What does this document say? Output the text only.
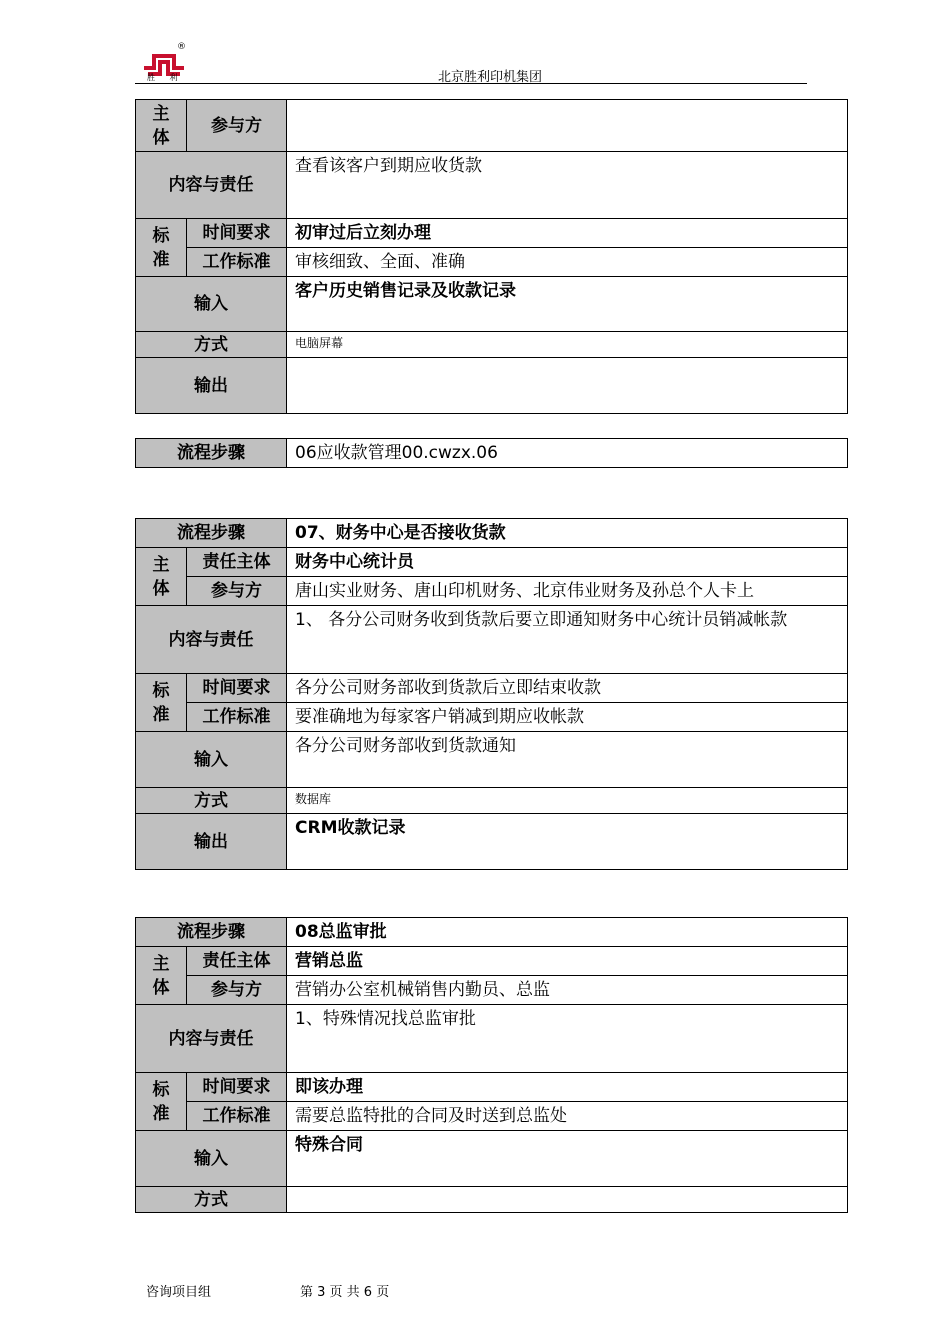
®
胜 利	北京胜利印机集团
主
体	参与方	
内容与责任		查看该客户到期应收货款
标
准	时间要求	初审过后立刻办理
	工作标准	审核细致、全面、准确
输入		客户历史销售记录及收款记录
方式		电脑屏幕
输出		
流程步骤	06应收款管理00.cwzx.06
流程步骤		07、财务中心是否接收货款
主
体	责任主体	财务中心统计员
	参与方	唐山实业财务、唐山印机财务、北京伟业财务及孙总个人卡上
内容与责任		1、 各分公司财务收到货款后要立即通知财务中心统计员销减帐款

标
准	时间要求	各分公司财务部收到货款后立即结束收款
	工作标准	要准确地为每家客户销减到期应收帐款
输入		各分公司财务部收到货款通知
方式		数据库
输出		CRM收款记录
流程步骤		08总监审批
主
体	责任主体	营销总监
	参与方	营销办公室机械销售内勤员、总监
内容与责任		1、特殊情况找总监审批
标
准	时间要求	即该办理
	工作标准	需要总监特批的合同及时送到总监处
输入		特殊合同
方式		
咨询项目组	第 3 页 共 6 页
